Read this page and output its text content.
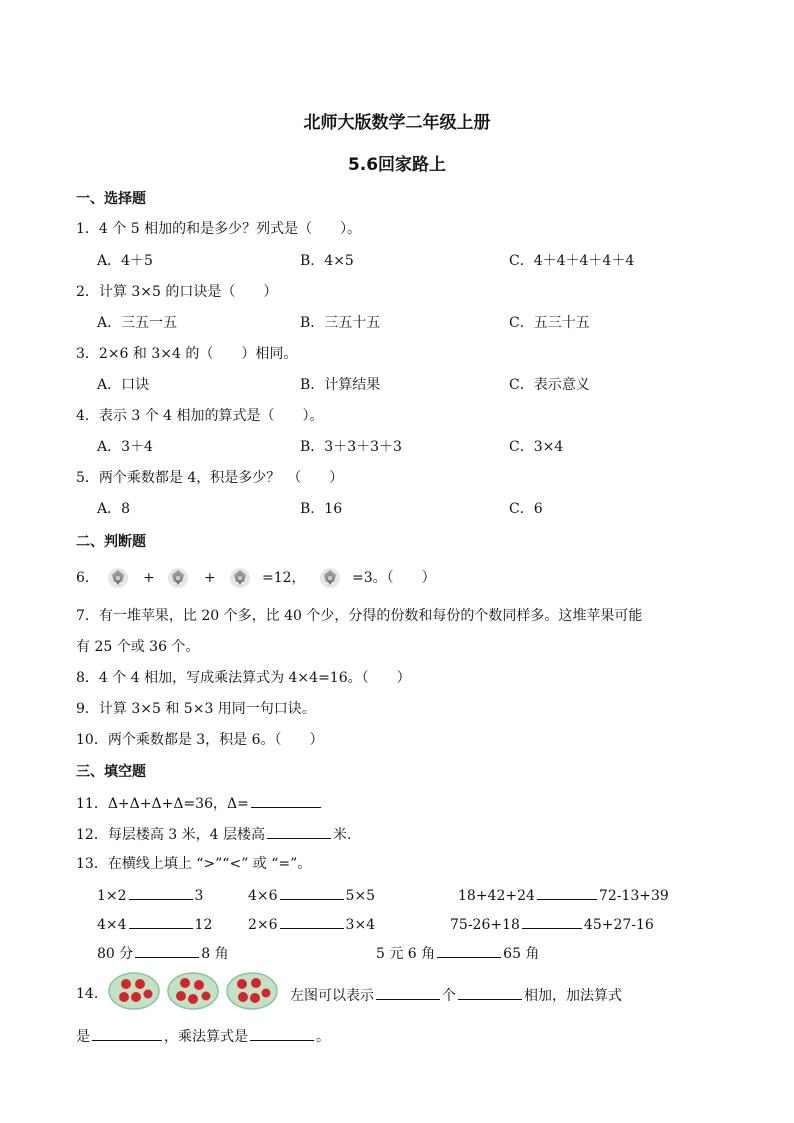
北师大版数学二年级上册
5.6回家路上
一、选择题
1．4 个 5 相加的和是多少？列式是（　　）。
A．4＋5	B．4×5	C．4＋4＋4＋4＋4
2．计算 3×5 的口诀是（　　）
A．三五一五	B．三五十五	C．五三十五
3．2×6 和 3×4 的（　　）相同。
A．口诀	B．计算结果	C．表示意义
4．表示 3 个 4 相加的算式是（　　）。
A．3＋4	B．3＋3＋3＋3	C．3×4
5．两个乘数都是 4，积是多少？　（　　）
A．8	B．16	C．6
二、判断题
6．	+	+	=12，	=3。（　　）
7．有一堆苹果，比 20 个多，比 40 个少，分得的份数和每份的个数同样多。这堆苹果可能
有 25 个或 36 个。
8．4 个 4 相加，写成乘法算式为 4×4=16。（　　）
9．计算 3×5 和 5×3 用同一句口诀。
10．两个乘数都是 3，积是 6。（　　）
三、填空题
11．Δ+Δ+Δ+Δ=36，Δ=
12．每层楼高 3 米，4 层楼高	米.
13．在横线上填上 “>”“<” 或 “=”。
1×2	3	4×6	5×5	18+42+24	72-13+39
4×4	12	2×6	3×4	75-26+18	45+27-16
80 分	8 角	5 元 6 角	65 角
14．	左图可以表示	个	相加，加法算式
是	，乘法算式是	。
